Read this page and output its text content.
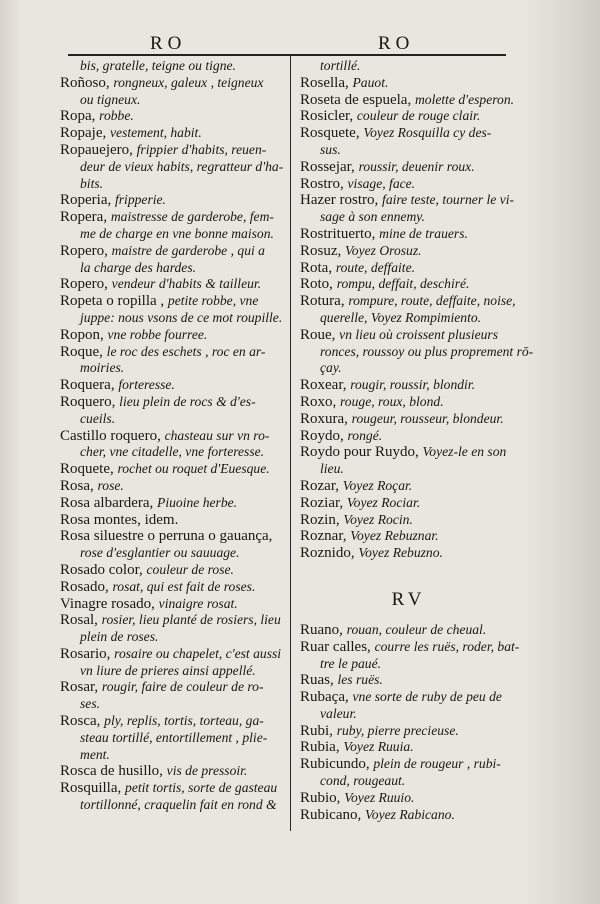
RO	RO
bis, gratelle, teigne ou tigne.
Roñoso, rongneux, galeux , teigneux
ou tigneux.
Ropa, robbe.
Ropaje, vestement, habit.
Ropauejero, frippier d'habits, reuen-
deur de vieux habits, regratteur d'ha-
bits.
Roperia, fripperie.
Ropera, maistresse de garderobe, fem-
me de charge en vne bonne maison.
Ropero, maistre de garderobe , qui a
la charge des hardes.
Ropero, vendeur d'habits & tailleur.
Ropeta o ropilla , petite robbe, vne
juppe: nous vsons de ce mot roupille.
Ropon, vne robbe fourree.
Roque, le roc des eschets , roc en ar-
moiries.
Roquera, forteresse.
Roquero, lieu plein de rocs & d'es-
cueils.
Castillo roquero, chasteau sur vn ro-
cher, vne citadelle, vne forteresse.
Roquete, rochet ou roquet d'Euesque.
Rosa, rose.
Rosa albardera, Piuoine herbe.
Rosa montes, idem.
Rosa siluestre o perruna o gauança,
rose d'esglantier ou sauuage.
Rosado color, couleur de rose.
Rosado, rosat, qui est fait de roses.
Vinagre rosado, vinaigre rosat.
Rosal, rosier, lieu planté de rosiers, lieu
plein de roses.
Rosario, rosaire ou chapelet, c'est aussi
vn liure de prieres ainsi appellé.
Rosar, rougir, faire de couleur de ro-
ses.
Rosca, ply, replis, tortis, torteau, ga-
steau tortillé, entortillement , plie-
ment.
Rosca de husillo, vis de pressoir.
Rosquilla, petit tortis, sorte de gasteau
tortillonné, craquelin fait en rond &
tortillé.
Rosella, Pauot.
Roseta de espuela, molette d'esperon.
Rosicler, couleur de rouge clair.
Rosquete, Voyez Rosquilla cy des-
sus.
Rossejar, roussir, deuenir roux.
Rostro, visage, face.
Hazer rostro, faire teste, tourner le vi-
sage à son ennemy.
Rostrituerto, mine de trauers.
Rosuz, Voyez Orosuz.
Rota, route, deffaite.
Roto, rompu, deffait, deschiré.
Rotura, rompure, route, deffaite, noise,
querelle, Voyez Rompimiento.
Roue, vn lieu où croissent plusieurs
ronces, roussoy ou plus proprement rō-
çay.
Roxear, rougir, roussir, blondir.
Roxo, rouge, roux, blond.
Roxura, rougeur, rousseur, blondeur.
Roydo, rongé.
Roydo pour Ruydo, Voyez-le en son
lieu.
Rozar, Voyez Roçar.
Roziar, Voyez Rociar.
Rozin, Voyez Rocin.
Roznar, Voyez Rebuznar.
Roznido, Voyez Rebuzno.
RV
Ruano, rouan, couleur de cheual.
Ruar calles, courre les ruës, roder, bat-
tre le paué.
Ruas, les ruës.
Rubaça, vne sorte de ruby de peu de
valeur.
Rubi, ruby, pierre precieuse.
Rubia, Voyez Ruuia.
Rubicundo, plein de rougeur , rubi-
cond, rougeaut.
Rubio, Voyez Ruuio.
Rubicano, Voyez Rabicano.
